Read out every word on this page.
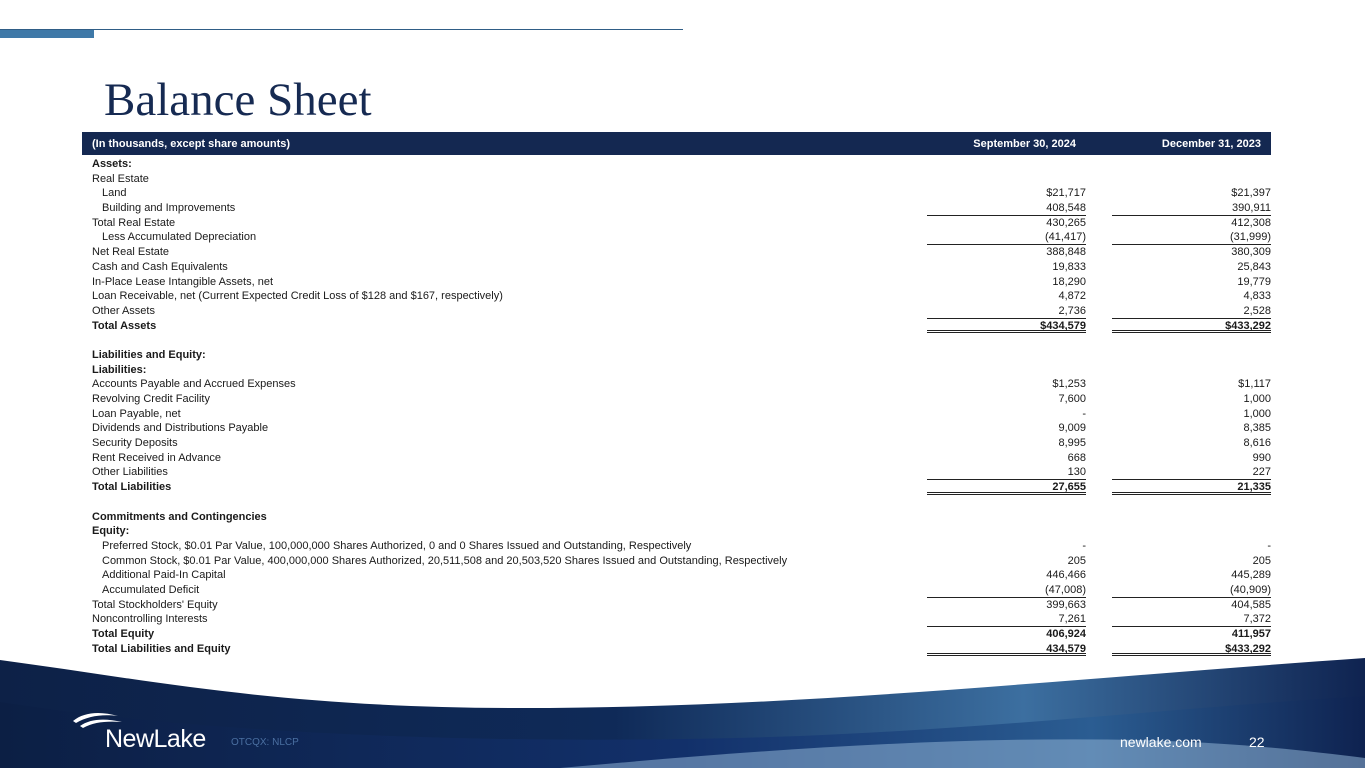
Balance Sheet
(In thousands, except share amounts)	September 30, 2024	December 31, 2023
Assets:
Real Estate
Land	$21,717	$21,397
Building and Improvements	408,548	390,911
Total Real Estate	430,265	412,308
Less Accumulated Depreciation	(41,417)	(31,999)
Net Real Estate	388,848	380,309
Cash and Cash Equivalents	19,833	25,843
In-Place Lease Intangible Assets, net	18,290	19,779
Loan Receivable, net (Current Expected Credit Loss of $128 and $167, respectively)	4,872	4,833
Other Assets	2,736	2,528
Total Assets	$434,579	$433,292
Liabilities and Equity:
Liabilities:
Accounts Payable and Accrued Expenses	$1,253	$1,117
Revolving Credit Facility	7,600	1,000
Loan Payable, net	-	1,000
Dividends and Distributions Payable	9,009	8,385
Security Deposits	8,995	8,616
Rent Received in Advance	668	990
Other Liabilities	130	227
Total Liabilities	27,655	21,335
Commitments and Contingencies
Equity:
Preferred Stock, $0.01 Par Value, 100,000,000 Shares Authorized, 0 and 0 Shares Issued and Outstanding, Respectively	-	-
Common Stock, $0.01 Par Value, 400,000,000 Shares Authorized, 20,511,508 and 20,503,520 Shares Issued and Outstanding, Respectively	205	205
Additional Paid-In Capital	446,466	445,289
Accumulated Deficit	(47,008)	(40,909)
Total Stockholders' Equity	399,663	404,585
Noncontrolling Interests	7,261	7,372
Total Equity	406,924	411,957
Total Liabilities and Equity	434,579	$433,292
NewLake	OTCQX: NLCP	newlake.com	22
